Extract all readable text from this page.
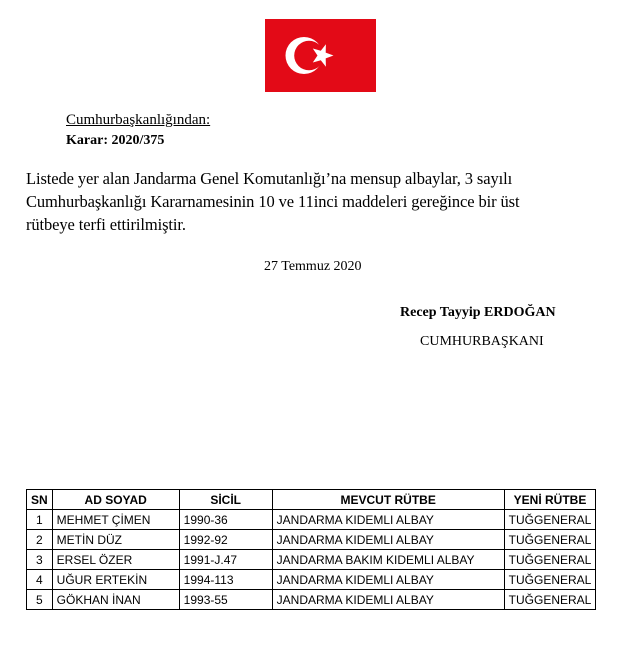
Cumhurbaşkanlığından:
Karar: 2020/375
Listede yer alan Jandarma Genel Komutanlığı’na mensup albaylar, 3 sayılı
Cumhurbaşkanlığı Kararnamesinin 10 ve 11inci maddeleri gereğince bir üst
rütbeye terfi ettirilmiştir.
27 Temmuz 2020
Recep Tayyip ERDOĞAN
CUMHURBAŞKANI
SN	AD SOYAD	SİCİL	MEVCUT RÜTBE	YENİ RÜTBE
1	MEHMET ÇİMEN	1990-36	JANDARMA KIDEMLI ALBAY	TUĞGENERAL
2	METİN DÜZ	1992-92	JANDARMA KIDEMLI ALBAY	TUĞGENERAL
3	ERSEL ÖZER	1991-J.47	JANDARMA BAKIM KIDEMLI ALBAY	TUĞGENERAL
4	UĞUR ERTEKİN	1994-113	JANDARMA KIDEMLI ALBAY	TUĞGENERAL
5	GÖKHAN İNAN	1993-55	JANDARMA KIDEMLI ALBAY	TUĞGENERAL
